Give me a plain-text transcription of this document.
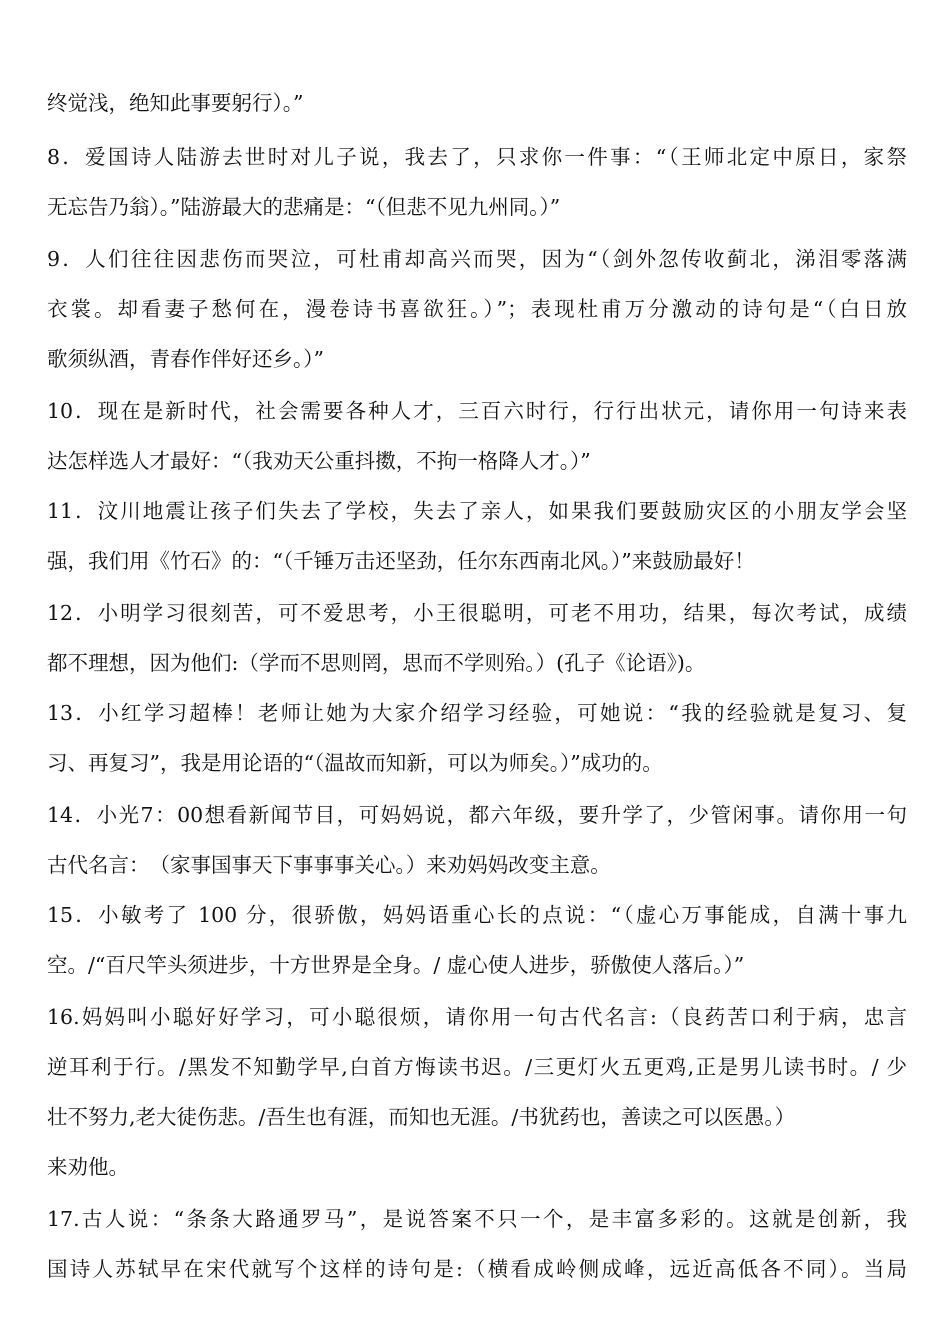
终觉浅，绝知此事要躬行）。”
8．爱国诗人陆游去世时对儿子说，我去了，只求你一件事：“（王师北定中原日，家祭
无忘告乃翁）。”陆游最大的悲痛是：“（但悲不见九州同。）”
9．人们往往因悲伤而哭泣，可杜甫却高兴而哭，因为“（剑外忽传收蓟北，涕泪零落满
衣裳。却看妻子愁何在，漫卷诗书喜欲狂。）”；表现杜甫万分激动的诗句是“（白日放
歌须纵酒，青春作伴好还乡。）”
10．现在是新时代，社会需要各种人才，三百六时行，行行出状元，请你用一句诗来表
达怎样选人才最好：“（我劝天公重抖擞，不拘一格降人才。）”
11．汶川地震让孩子们失去了学校，失去了亲人，如果我们要鼓励灾区的小朋友学会坚
强，我们用《竹石》的：“（千锤万击还坚劲，任尔东西南北风。）”来鼓励最好！
12．小明学习很刻苦，可不爱思考，小王很聪明，可老不用功，结果，每次考试，成绩
都不理想，因为他们:（学而不思则罔，思而不学则殆。）(孔子《论语》)。
13．小红学习超棒！老师让她为大家介绍学习经验，可她说：“我的经验就是复习、复
习、再复习”，我是用论语的“（温故而知新，可以为师矣。）”成功的。
14．小光7：00想看新闻节目，可妈妈说，都六年级，要升学了，少管闲事。请你用一句
古代名言：　（家事国事天下事事事关心。）来劝妈妈改变主意。
15．小敏考了 100 分，很骄傲，妈妈语重心长的点说：“（虚心万事能成，自满十事九
空。/“百尺竿头须进步，十方世界是全身。/ 虚心使人进步，骄傲使人落后。）”
16.妈妈叫小聪好好学习，可小聪很烦，请你用一句古代名言:（良药苦口利于病，忠言
逆耳利于行。/黑发不知勤学早,白首方悔读书迟。/三更灯火五更鸡,正是男儿读书时。/ 少
壮不努力,老大徒伤悲。/吾生也有涯，而知也无涯。/书犹药也，善读之可以医愚。）
来劝他。
17.古人说：“条条大路通罗马”，是说答案不只一个，是丰富多彩的。这就是创新，我
国诗人苏轼早在宋代就写个这样的诗句是:（横看成岭侧成峰，远近高低各不同）。当局
